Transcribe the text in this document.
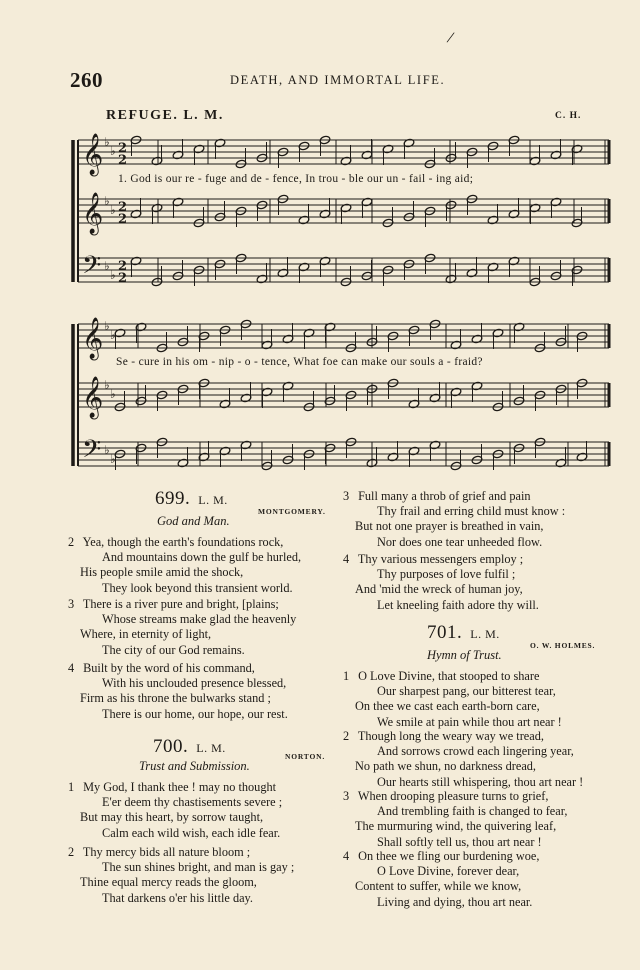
260	DEATH, AND IMMORTAL LIFE.
/
REFUGE. L. M.	C. H.
𝄞 ♭
♭ 2
2
𝄞 ♭
♭ 2
2
𝄢 ♭
♭
2
2
𝄞 ♭
♭
𝄞 ♭
♭
𝄢 ♭
♭
1. God is our re - fuge and de - fence, In trou - ble our un - fail - ing aid;
Se - cure in his om - nip - o - tence, What foe can make our souls a - fraid?
699. L. M.
MONTGOMERY.
God and Man.
2 Yea, though the earth's foundations rock,
And mountains down the gulf be hurled,
His people smile amid the shock,
They look beyond this transient world.
3 There is a river pure and bright, [plains;
Whose streams make glad the heavenly
Where, in eternity of light,
The city of our God remains.
4 Built by the word of his command,
With his unclouded presence blessed,
Firm as his throne the bulwarks stand ;
There is our home, our hope, our rest.
700. L. M.
NORTON.
Trust and Submission.
1 My God, I thank thee ! may no thought
E'er deem thy chastisements severe ;
But may this heart, by sorrow taught,
Calm each wild wish, each idle fear.
2 Thy mercy bids all nature bloom ;
The sun shines bright, and man is gay ;
Thine equal mercy reads the gloom,
That darkens o'er his little day.
3 Full many a throb of grief and pain
Thy frail and erring child must know :
But not one prayer is breathed in vain,
Nor does one tear unheeded flow.
4 Thy various messengers employ ;
Thy purposes of love fulfil ;
And 'mid the wreck of human joy,
Let kneeling faith adore thy will.
701. L. M.
O. W. HOLMES.
Hymn of Trust.
1 O Love Divine, that stooped to share
Our sharpest pang, our bitterest tear,
On thee we cast each earth-born care,
We smile at pain while thou art near !
2 Though long the weary way we tread,
And sorrows crowd each lingering year,
No path we shun, no darkness dread,
Our hearts still whispering, thou art near !
3 When drooping pleasure turns to grief,
And trembling faith is changed to fear,
The murmuring wind, the quivering leaf,
Shall softly tell us, thou art near !
4 On thee we fling our burdening woe,
O Love Divine, forever dear,
Content to suffer, while we know,
Living and dying, thou art near.
